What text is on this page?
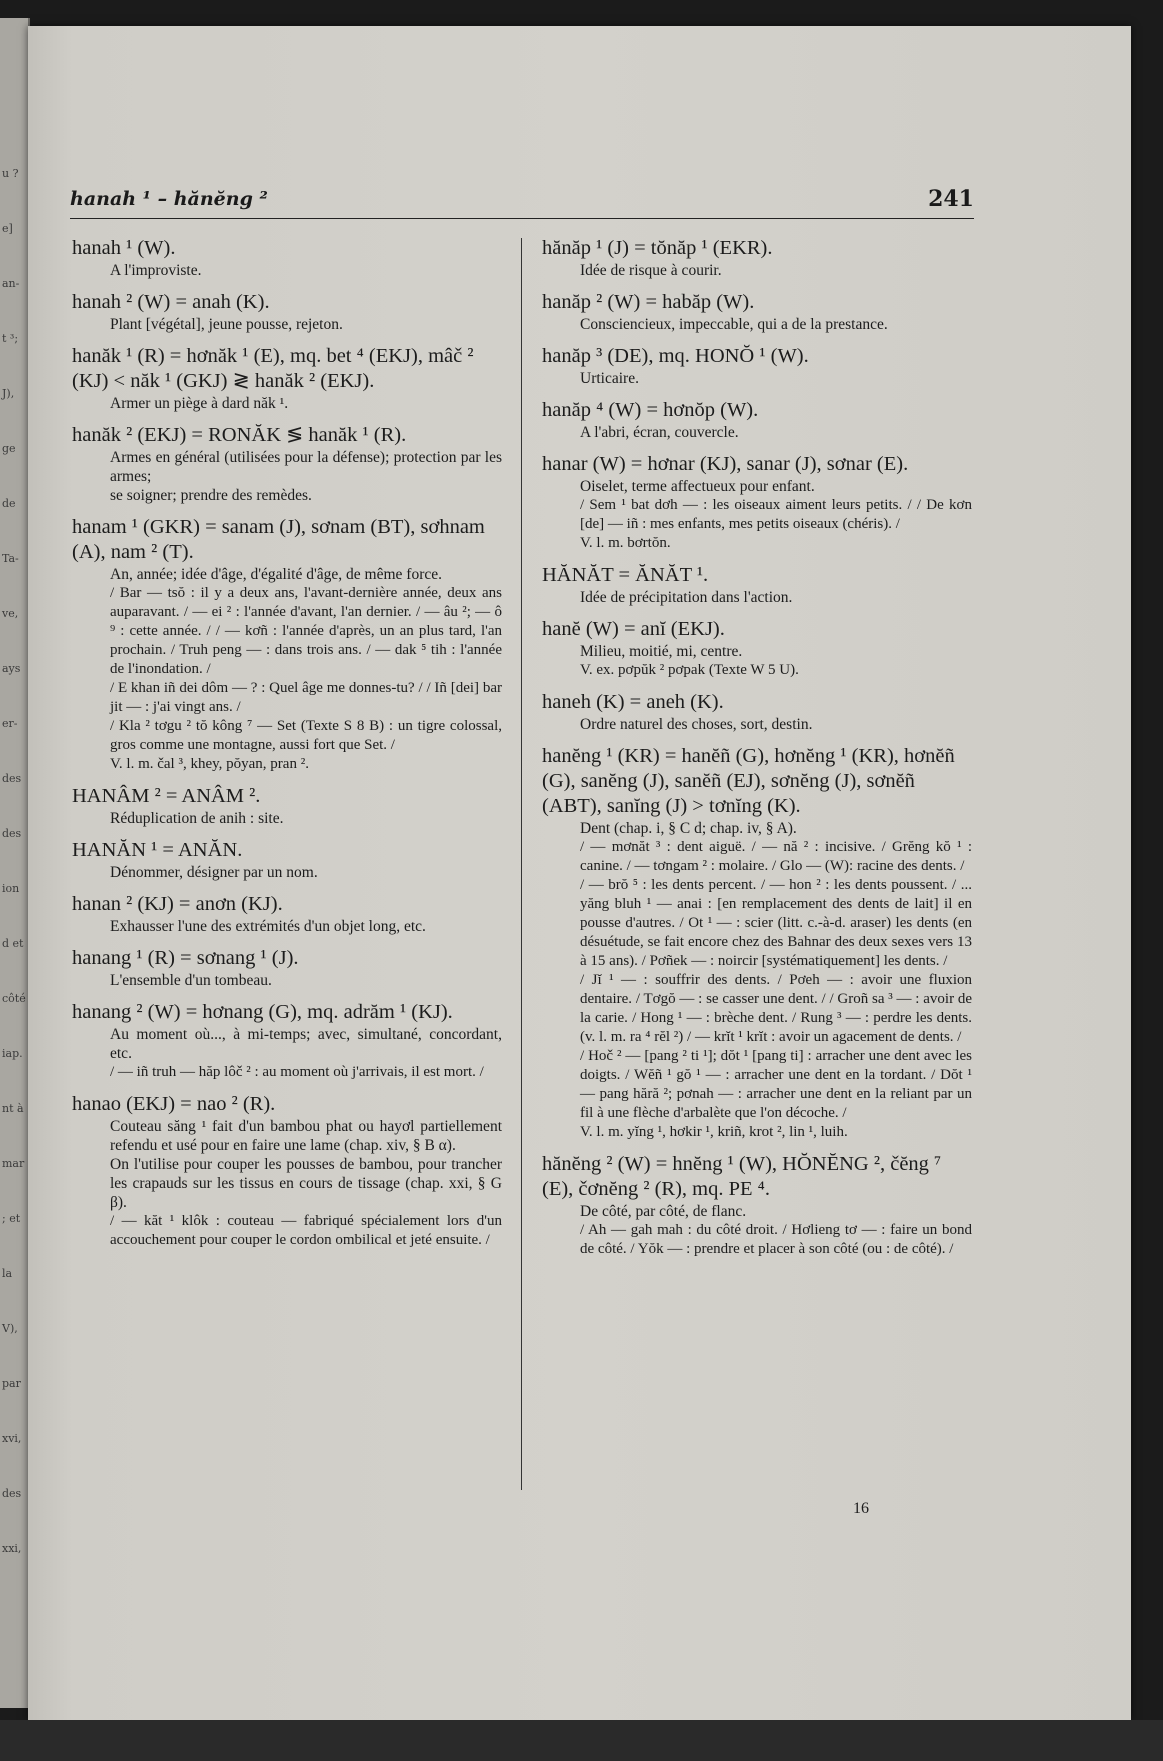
u ?
e]
an-
t ³;
J),
ge
de
Ta-
ve,
ays
er-
des
des
ion
d et
côté
iap.
nt à
mar
; et
la
V),
par
xvi,
des
xxi,
hanah ¹ – hănĕng ²	241
hanah ¹ (W).
A l'improviste.
hanah ² (W) = anah (K).
Plant [végétal], jeune pousse, rejeton.
hanăk ¹ (R) = hơnăk ¹ (E), mq. bet ⁴ (EKJ), mâč ² (KJ) < năk ¹ (GKJ) ≷ hanăk ² (EKJ).
Armer un piège à dard năk ¹.
hanăk ² (EKJ) = RONĂK ≶ hanăk ¹ (R).
Armes en général (utilisées pour la défense); protection par les armes;
se soigner; prendre des remèdes.
hanam ¹ (GKR) = sanam (J), sơnam (BT), sơhnam (A), nam ² (T).
An, année; idée d'âge, d'égalité d'âge, de même force.
/ Bar — tsŏ : il y a deux ans, l'avant-dernière année, deux ans auparavant. / — ei ² : l'année d'avant, l'an dernier. / — âu ²; — ô ⁹ : cette année. / / — kơñ : l'année d'après, un an plus tard, l'an prochain. / Truh peng — : dans trois ans. / — dak ⁵ tih : l'année de l'inondation. /
/ E khan iñ dei dôm — ? : Quel âge me donnes-tu? / / Iñ [dei] bar jit — : j'ai vingt ans. /
/ Kla ² tơgu ² tŏ kông ⁷ — Set (Texte S 8 B) : un tigre colossal, gros comme une montagne, aussi fort que Set. /
V. l. m. čal ³, khey, pŏyan, pran ².
HANÂM ² = ANÂM ².
Réduplication de anih : site.
HANĂN ¹ = ANĂN.
Dénommer, désigner par un nom.
hanan ² (KJ) = anơn (KJ).
Exhausser l'une des extrémités d'un objet long, etc.
hanang ¹ (R) = sơnang ¹ (J).
L'ensemble d'un tombeau.
hanang ² (W) = hơnang (G), mq. adrăm ¹ (KJ).
Au moment où..., à mi-temps; avec, simultané, concordant, etc.
/ — iñ truh — hăp lôč ² : au moment où j'arrivais, il est mort. /
hanao (EKJ) = nao ² (R).
Couteau săng ¹ fait d'un bambou phat ou hayơl partiellement refendu et usé pour en faire une lame (chap. xiv, § B α).
On l'utilise pour couper les pousses de bambou, pour trancher les crapauds sur les tissus en cours de tissage (chap. xxi, § G β).
/ — kăt ¹ klôk : couteau — fabriqué spécialement lors d'un accouchement pour couper le cordon ombilical et jeté ensuite. /
hănăp ¹ (J) = tŏnăp ¹ (EKR).
Idée de risque à courir.
hanăp ² (W) = habăp (W).
Consciencieux, impeccable, qui a de la prestance.
hanăp ³ (DE), mq. HONŎ ¹ (W).
Urticaire.
hanăp ⁴ (W) = hơnŏp (W).
A l'abri, écran, couvercle.
hanar (W) = hơnar (KJ), sanar (J), sơnar (E).
Oiselet, terme affectueux pour enfant.
/ Sem ¹ bat dơh — : les oiseaux aiment leurs petits. / / De kơn [de] — iñ : mes enfants, mes petits oiseaux (chéris). /
V. l. m. bơrtŏn.
HĂNĂT = ĂNĂT ¹.
Idée de précipitation dans l'action.
hanĕ (W) = anĭ (EKJ).
Milieu, moitié, mi, centre.
V. ex. pơpŭk ² pơpak (Texte W 5 U).
haneh (K) = aneh (K).
Ordre naturel des choses, sort, destin.
hanĕng ¹ (KR) = hanĕñ (G), hơnĕng ¹ (KR), hơnĕñ (G), sanĕng (J), sanĕñ (EJ), sơnĕng (J), sơnĕñ (ABT), sanĭng (J) > tơnĭng (K).
Dent (chap. i, § C d; chap. iv, § A).
/ — mơnăt ³ : dent aiguë. / — nă ² : incisive. / Grĕng kŏ ¹ : canine. / — tơngam ² : molaire. / Glo — (W): racine des dents. /
/ — brŏ ⁵ : les dents percent. / — hon ² : les dents poussent. / ... yăng bluh ¹ — anai : [en remplacement des dents de lait] il en pousse d'autres. / Ot ¹ — : scier (litt. c.-à-d. araser) les dents (en désuétude, se fait encore chez des Bahnar des deux sexes vers 13 à 15 ans). / Pơñek — : noircir [systématiquement] les dents. /
/ Jĭ ¹ — : souffrir des dents. / Pơeh — : avoir une fluxion dentaire. / Tơgŏ — : se casser une dent. / / Groñ sa ³ — : avoir de la carie. / Hong ¹ — : brèche dent. / Rung ³ — : perdre les dents. (v. l. m. ra ⁴ rĕl ²) / — krĭt ¹ krĭt : avoir un agacement de dents. /
/ Hoč ² — [pang ² ti ¹]; dŏt ¹ [pang ti] : arracher une dent avec les doigts. / Wĕñ ¹ gŏ ¹ — : arracher une dent en la tordant. / Dŏt ¹ — pang hără ²; pơnah — : arracher une dent en la reliant par un fil à une flèche d'arbalète que l'on décoche. /
V. l. m. yĭng ¹, hơkir ¹, kriñ, krot ², lin ¹, luih.
hănĕng ² (W) = hnĕng ¹ (W), HŎNĔNG ², čĕng ⁷ (E), čơnĕng ² (R), mq. PE ⁴.
De côté, par côté, de flanc.
/ Ah — gah mah : du côté droit. / Hơlieng tơ — : faire un bond de côté. / Yŏk — : prendre et placer à son côté (ou : de côté). /
16
